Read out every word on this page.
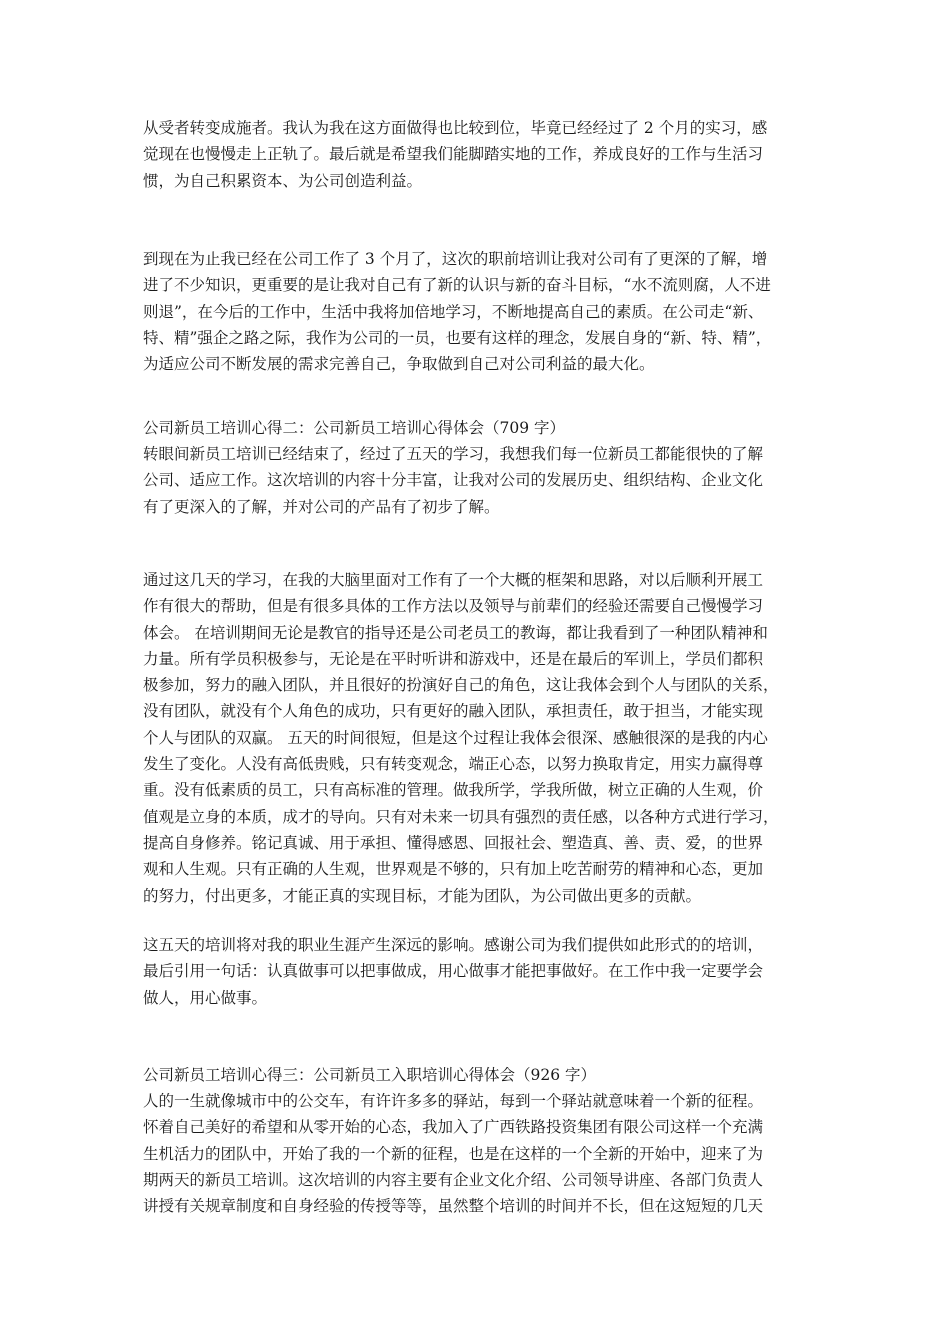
从受者转变成施者。我认为我在这方面做得也比较到位，毕竟已经经过了 2 个月的实习，感
觉现在也慢慢走上正轨了。最后就是希望我们能脚踏实地的工作，养成良好的工作与生活习
惯，为自己积累资本、为公司创造利益。
到现在为止我已经在公司工作了 3 个月了，这次的职前培训让我对公司有了更深的了解，增
进了不少知识，更重要的是让我对自己有了新的认识与新的奋斗目标，“水不流则腐，人不进
则退”，在今后的工作中，生活中我将加倍地学习，不断地提高自己的素质。在公司走“新、
特、精”强企之路之际，我作为公司的一员，也要有这样的理念，发展自身的“新、特、精”，
为适应公司不断发展的需求完善自己，争取做到自己对公司利益的最大化。
公司新员工培训心得二：公司新员工培训心得体会（709 字）
转眼间新员工培训已经结束了，经过了五天的学习，我想我们每一位新员工都能很快的了解
公司、适应工作。这次培训的内容十分丰富，让我对公司的发展历史、组织结构、企业文化
有了更深入的了解，并对公司的产品有了初步了解。
通过这几天的学习，在我的大脑里面对工作有了一个大概的框架和思路，对以后顺利开展工
作有很大的帮助，但是有很多具体的工作方法以及领导与前辈们的经验还需要自己慢慢学习
体会。 在培训期间无论是教官的指导还是公司老员工的教诲，都让我看到了一种团队精神和
力量。所有学员积极参与，无论是在平时听讲和游戏中，还是在最后的军训上，学员们都积
极参加，努力的融入团队，并且很好的扮演好自己的角色，这让我体会到个人与团队的关系，
没有团队，就没有个人角色的成功，只有更好的融入团队，承担责任，敢于担当，才能实现
个人与团队的双赢。 五天的时间很短，但是这个过程让我体会很深、感触很深的是我的内心
发生了变化。人没有高低贵贱，只有转变观念，端正心态，以努力换取肯定，用实力赢得尊
重。没有低素质的员工，只有高标准的管理。做我所学，学我所做，树立正确的人生观，价
值观是立身的本质，成才的导向。只有对未来一切具有强烈的责任感，以各种方式进行学习，
提高自身修养。铭记真诚、用于承担、懂得感恩、回报社会、塑造真、善、责、爱，的世界
观和人生观。只有正确的人生观，世界观是不够的，只有加上吃苦耐劳的精神和心态，更加
的努力，付出更多，才能正真的实现目标，才能为团队，为公司做出更多的贡献。
这五天的培训将对我的职业生涯产生深远的影响。感谢公司为我们提供如此形式的的培训，
最后引用一句话：认真做事可以把事做成，用心做事才能把事做好。在工作中我一定要学会
做人，用心做事。
公司新员工培训心得三：公司新员工入职培训心得体会（926 字）
人的一生就像城市中的公交车，有许许多多的驿站，每到一个驿站就意味着一个新的征程。
怀着自己美好的希望和从零开始的心态，我加入了广西铁路投资集团有限公司这样一个充满
生机活力的团队中，开始了我的一个新的征程，也是在这样的一个全新的开始中，迎来了为
期两天的新员工培训。这次培训的内容主要有企业文化介绍、公司领导讲座、各部门负责人
讲授有关规章制度和自身经验的传授等等，虽然整个培训的时间并不长，但在这短短的几天
